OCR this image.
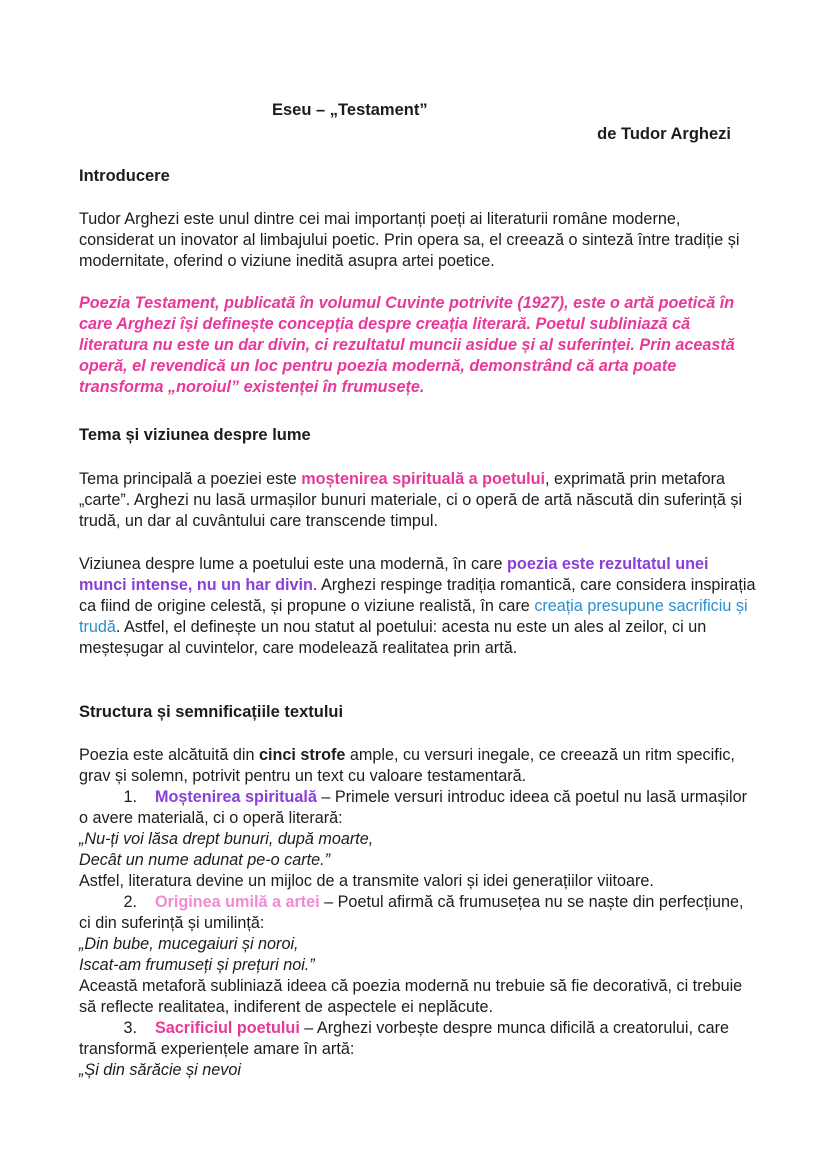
Eseu – „Testament”
de Tudor Arghezi
Introducere

Tudor Arghezi este unul dintre cei mai importanți poeți ai literaturii române moderne, considerat un inovator al limbajului poetic. Prin opera sa, el creează o sinteză între tradiție și modernitate, oferind o viziune inedită asupra artei poetice.

Poezia Testament, publicată în volumul Cuvinte potrivite (1927), este o artă poetică în care Arghezi își definește concepția despre creația literară. Poetul subliniază că literatura nu este un dar divin, ci rezultatul muncii asidue și al suferinței. Prin această operă, el revendică un loc pentru poezia modernă, demonstrând că arta poate transforma „noroiul” existenței în frumusețe.

Tema și viziunea despre lume

Tema principală a poeziei este moștenirea spirituală a poetului, exprimată prin metafora „carte”. Arghezi nu lasă urmașilor bunuri materiale, ci o operă de artă născută din suferință și trudă, un dar al cuvântului care transcende timpul.

Viziunea despre lume a poetului este una modernă, în care poezia este rezultatul unei munci intense, nu un har divin. Arghezi respinge tradiția romantică, care considera inspirația ca fiind de origine celestă, și propune o viziune realistă, în care creația presupune sacrificiu și trudă. Astfel, el definește un nou statut al poetului: acesta nu este un ales al zeilor, ci un meșteșugar al cuvintelor, care modelează realitatea prin artă.

Structura și semnificațiile textului
Poezia este alcătuită din cinci strofe ample, cu versuri inegale, ce creează un ritm specific, grav și solemn, potrivit pentru un text cu valoare testamentară.
1. Moștenirea spirituală – Primele versuri introduc ideea că poetul nu lasă urmașilor o avere materială, ci o operă literară:
„Nu-ți voi lăsa drept bunuri, după moarte,
Decât un nume adunat pe-o carte.”
Astfel, literatura devine un mijloc de a transmite valori și idei generațiilor viitoare.
2. Originea umilă a artei – Poetul afirmă că frumusețea nu se naște din perfecțiune, ci din suferință și umilință:
„Din bube, mucegaiuri și noroi,
Iscat-am frumuseți și prețuri noi.”
Această metaforă subliniază ideea că poezia modernă nu trebuie să fie decorativă, ci trebuie să reflecte realitatea, indiferent de aspectele ei neplăcute.
3. Sacrificiul poetului – Arghezi vorbește despre munca dificilă a creatorului, care transformă experiențele amare în artă:
„Și din sărăcie și nevoi
